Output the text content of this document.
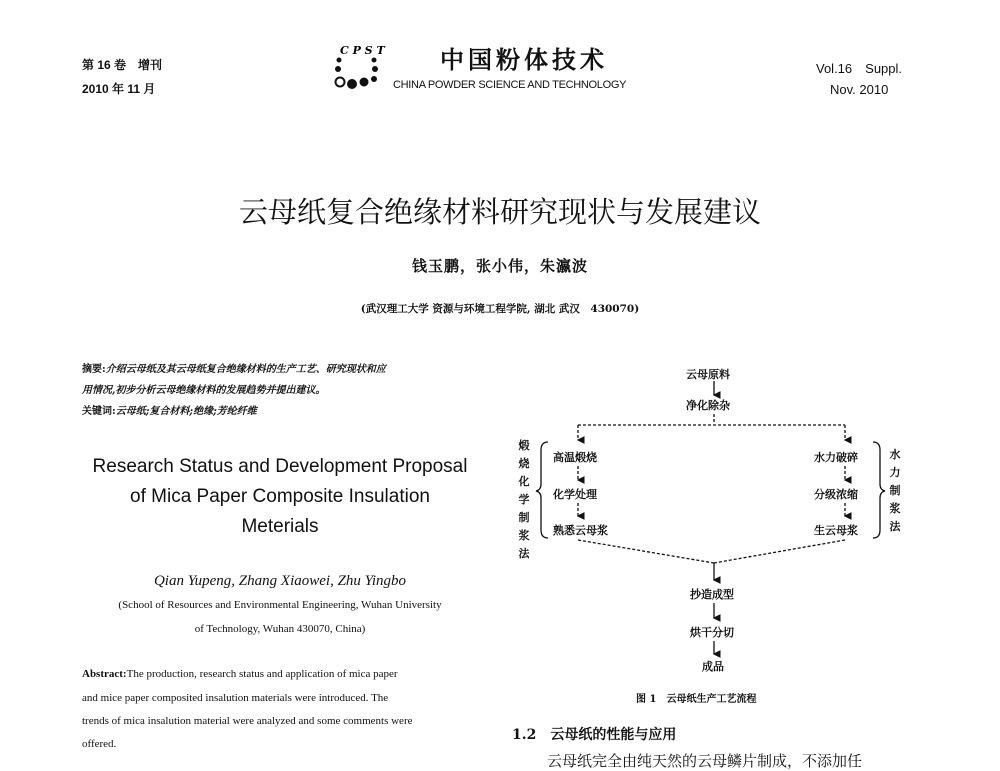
第 16 卷　增刊
2010 年 11 月
C P S T 中国粉体技术
CHINA POWDER SCIENCE AND TECHNOLOGY
Vol.16　Suppl.
Nov. 2010
云母纸复合绝缘材料研究现状与发展建议
钱玉鹏，张小伟，朱瀛波
(武汉理工大学 资源与环境工程学院, 湖北 武汉　430070)
摘要:介绍云母纸及其云母纸复合绝缘材料的生产工艺、研究现状和应
用情况,初步分析云母绝缘材料的发展趋势并提出建议。
关键词:云母纸;复合材料;绝缘;芳纶纤维
Research Status and Development Proposal
of Mica Paper Composite Insulation
Meterials
Qian Yupeng, Zhang Xiaowei, Zhu Yingbo
(School of Resources and Environmental Engineering, Wuhan University
of Technology, Wuhan 430070, China)
Abstract:The production, research status and application of mica paper
and mice paper composited insalution materials were introduced. The
trends of mica insalution material were analyzed and some comments were
offered.
云母原料
净化除杂
高温煅烧
化学处理
熟悉云母浆
水力破碎
分级浓缩
生云母浆
煅烧化学制浆法
水力制浆法
抄造成型
烘干分切
成品
图 1　云母纸生产工艺流程
1.2　云母纸的性能与应用
云母纸完全由纯天然的云母鳞片制成，不添加任
